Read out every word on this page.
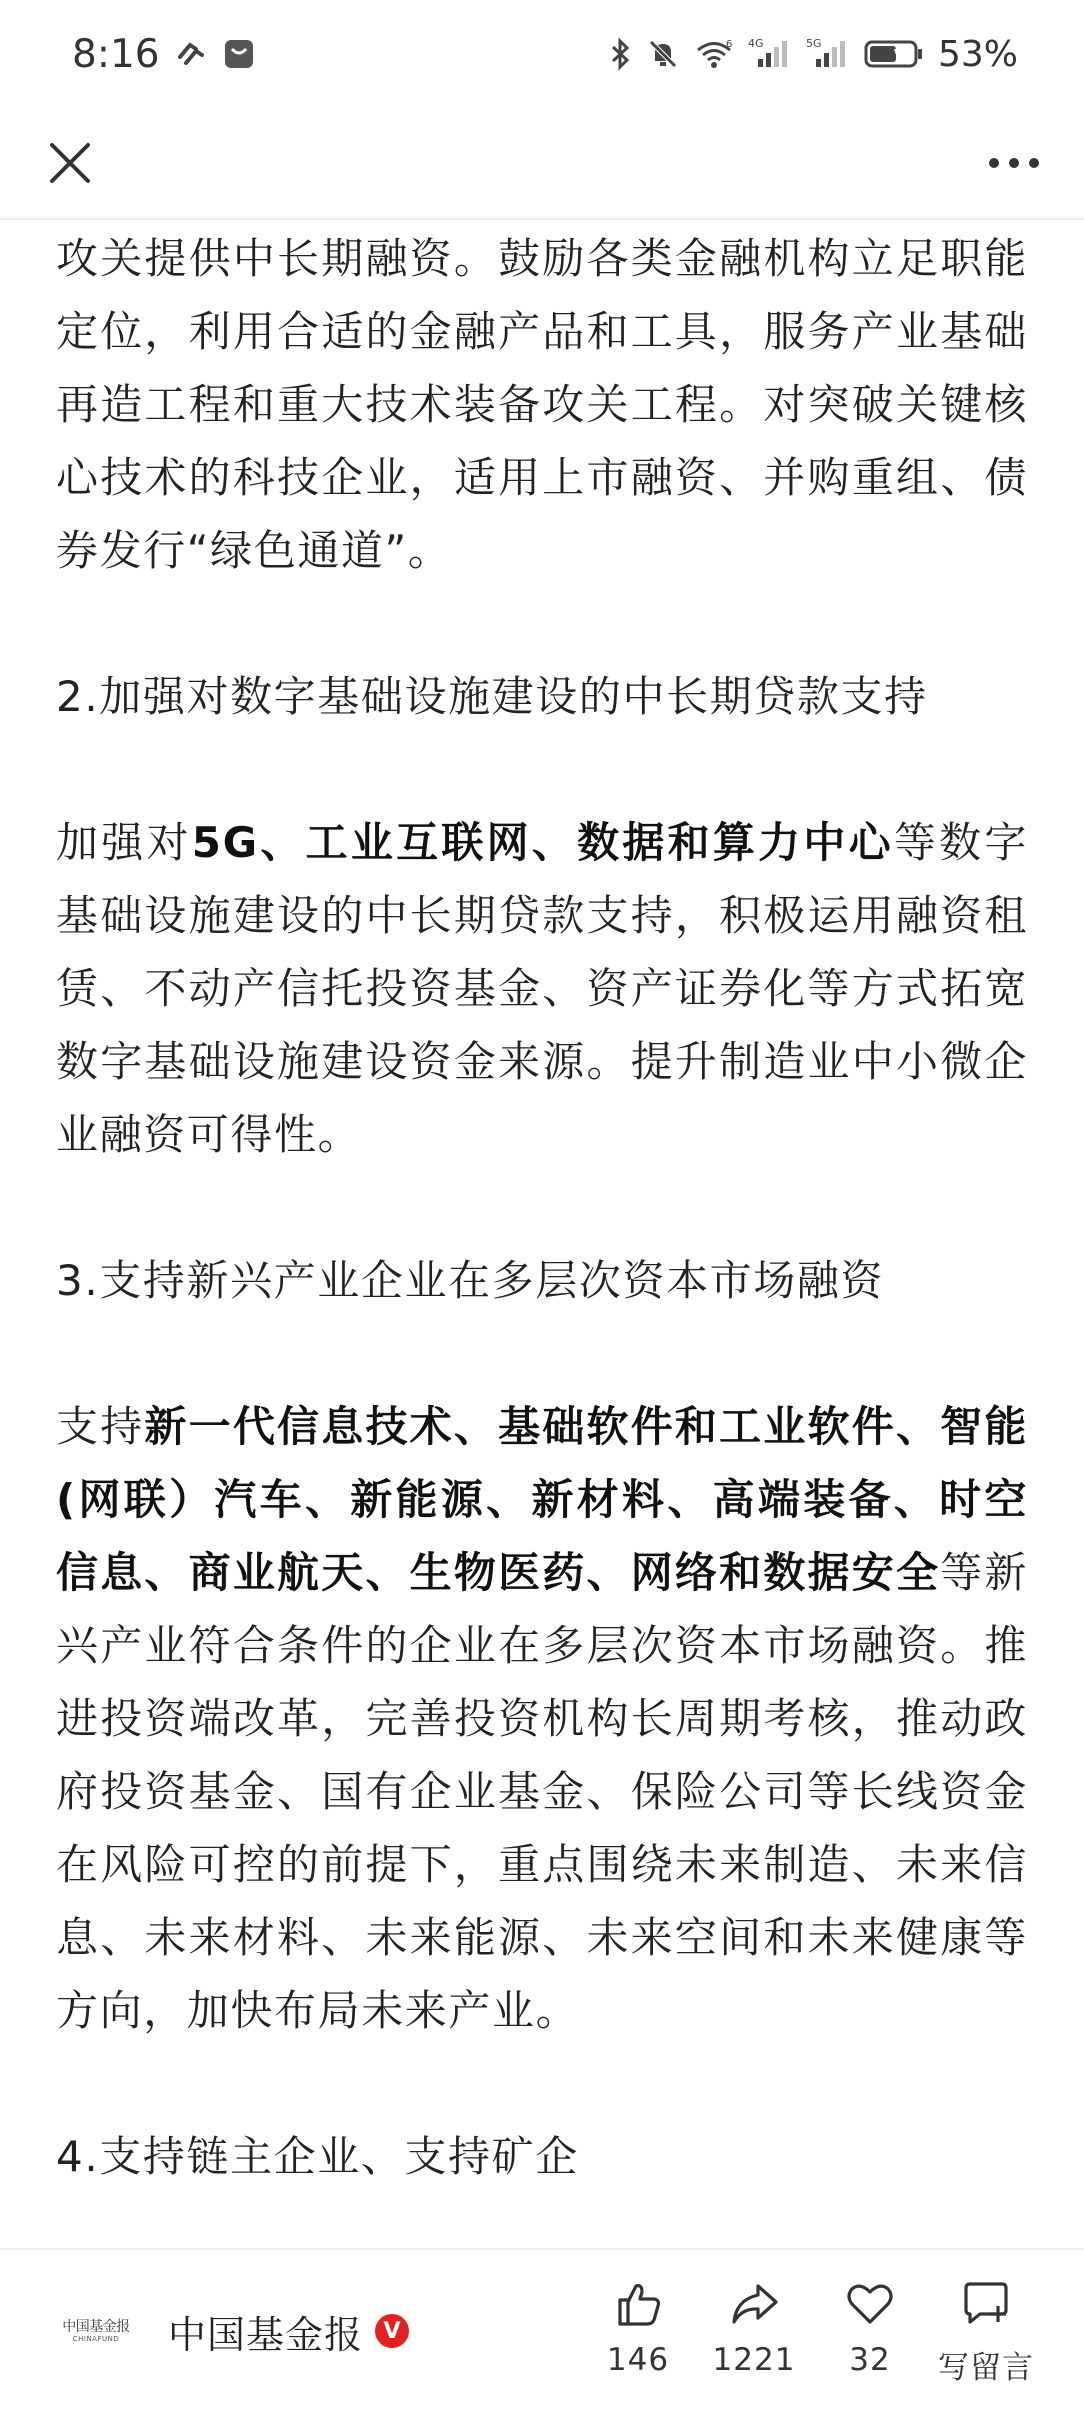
8:16	6 4G	5G	53%

攻关提供中长期融资。鼓励各类金融机构立足职能定位，利用合适的金融产品和工具，服务产业基础再造工程和重大技术装备攻关工程。对突破关键核心技术的科技企业，适用上市融资、并购重组、债券发行“绿色通道”。

2.加强对数字基础设施建设的中长期贷款支持

加强对5G、工业互联网、数据和算力中心等数字基础设施建设的中长期贷款支持，积极运用融资租赁、不动产信托投资基金、资产证券化等方式拓宽数字基础设施建设资金来源。提升制造业中小微企业融资可得性。

3.支持新兴产业企业在多层次资本市场融资

支持新一代信息技术、基础软件和工业软件、智能(网联）汽车、新能源、新材料、高端装备、时空信息、商业航天、生物医药、网络和数据安全等新兴产业符合条件的企业在多层次资本市场融资。推进投资端改革，完善投资机构长周期考核，推动政府投资基金、国有企业基金、保险公司等长线资金在风险可控的前提下，重点围绕未来制造、未来信息、未来材料、未来能源、未来空间和未来健康等方向，加快布局未来产业。

4.支持链主企业、支持矿企

中国基金报
CHINAFUND 中国基金报 V
146 1221 32 写留言
